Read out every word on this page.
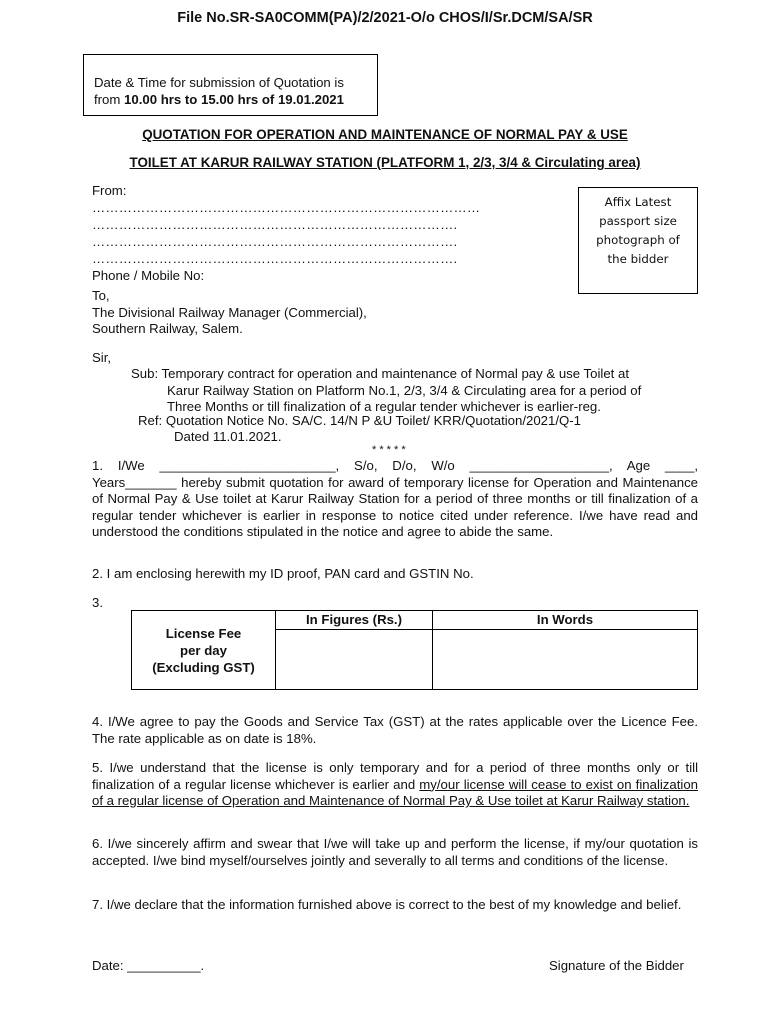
File No.SR-SA0COMM(PA)/2/2021-O/o CHOS/I/Sr.DCM/SA/SR
Date & Time for submission of Quotation is
from 10.00 hrs to 15.00 hrs of 19.01.2021
QUOTATION FOR OPERATION AND MAINTENANCE OF NORMAL PAY & USE
TOILET AT KARUR RAILWAY STATION (PLATFORM 1, 2/3, 3/4 & Circulating area)
From:
……………………………………………………………………………
……………………………………………………………………….
……………………………………………………………………….
……………………………………………………………………….
Phone / Mobile No:
Affix Latest
passport size
photograph of
the bidder
To,
The Divisional Railway Manager (Commercial),
Southern Railway, Salem.
Sir,
Sub: Temporary contract for operation and maintenance of Normal pay & use Toilet at
Karur Railway Station on Platform No.1, 2/3, 3/4 & Circulating area for a period of
Three Months or till finalization of a regular tender whichever is earlier-reg.
Ref: Quotation Notice No. SA/C. 14/N P &U Toilet/ KRR/Quotation/2021/Q-1
Dated 11.01.2021.
* * * * *
1. I/We ________________________, S/o, D/o, W/o ___________________, Age ____,
Years_______ hereby submit quotation for award of temporary license for Operation and Maintenance of Normal Pay & Use toilet at Karur Railway Station for a period of three months or till finalization of a regular tender whichever is earlier in response to notice cited under reference. I/we have read and understood the conditions stipulated in the notice and agree to abide the same.
2. I am enclosing herewith my ID proof, PAN card and GSTIN No.
3.
License Fee
per day
(Excluding GST)	In Figures (Rs.)	In Words

4. I/We agree to pay the Goods and Service Tax (GST) at the rates applicable over the Licence Fee. The rate applicable as on date is 18%.
5. I/we understand that the license is only temporary and for a period of three months only or till finalization of a regular license whichever is earlier and my/our license will cease to exist on finalization of a regular license of Operation and Maintenance of Normal Pay & Use toilet at Karur Railway station.
6. I/we sincerely affirm and swear that I/we will take up and perform the license, if my/our quotation is accepted. I/we bind myself/ourselves jointly and severally to all terms and conditions of the license.
7. I/we declare that the information furnished above is correct to the best of my knowledge and belief.
Date: __________.	Signature of the Bidder
